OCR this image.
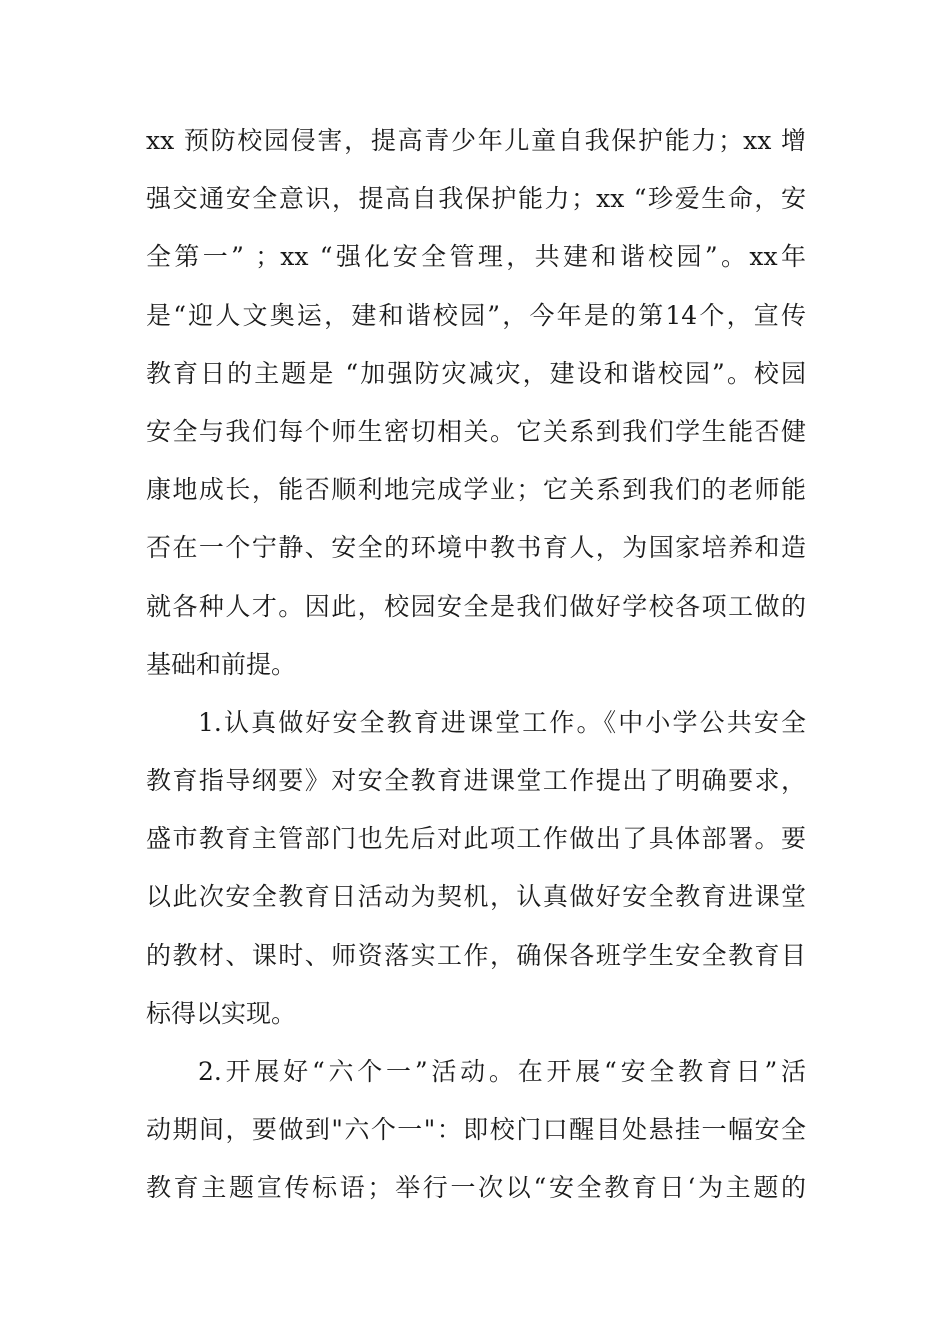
xx 预防校园侵害，提高青少年儿童自我保护能力；xx 增
强交通安全意识，提高自我保护能力；xx “珍爱生命，安
全第一” ；xx “强化安全管理，共建和谐校园”。xx年
是“迎人文奥运，建和谐校园”，今年是的第14个，宣传
教育日的主题是 “加强防灾减灾，建设和谐校园”。校园
安全与我们每个师生密切相关。它关系到我们学生能否健
康地成长，能否顺利地完成学业；它关系到我们的老师能
否在一个宁静、安全的环境中教书育人，为国家培养和造
就各种人才。因此，校园安全是我们做好学校各项工做的
基础和前提。
1.认真做好安全教育进课堂工作。《中小学公共安全
教育指导纲要》对安全教育进课堂工作提出了明确要求，
盛市教育主管部门也先后对此项工作做出了具体部署。要
以此次安全教育日活动为契机，认真做好安全教育进课堂
的教材、课时、师资落实工作，确保各班学生安全教育目
标得以实现。
2.开展好“六个一”活动。在开展“安全教育日”活
动期间，要做到"六个一"：即校门口醒目处悬挂一幅安全
教育主题宣传标语；举行一次以“安全教育日‘为主题的
